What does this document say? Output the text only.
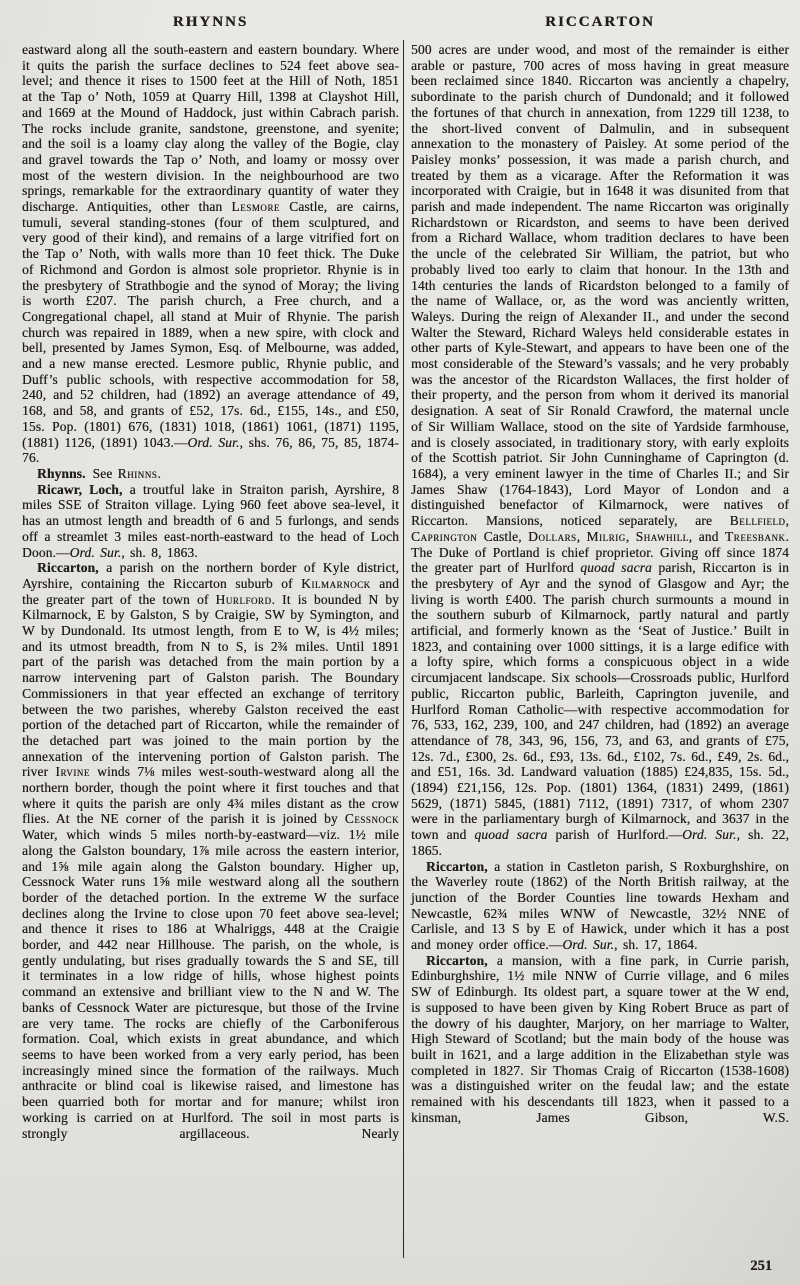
RHYNNS

eastward along all the south-eastern and eastern boundary. Where it quits the parish the surface declines to 524 feet above sea-level; and thence it rises to 1500 feet at the Hill of Noth, 1851 at the Tap o’ Noth, 1059 at Quarry Hill, 1398 at Clayshot Hill, and 1669 at the Mound of Haddock, just within Cabrach parish. The rocks include granite, sandstone, greenstone, and syenite; and the soil is a loamy clay along the valley of the Bogie, clay and gravel towards the Tap o’ Noth, and loamy or mossy over most of the western division. In the neighbourhood are two springs, remarkable for the extraordinary quantity of water they discharge. Antiquities, other than Lesmore Castle, are cairns, tumuli, several standing-stones (four of them sculptured, and very good of their kind), and remains of a large vitrified fort on the Tap o’ Noth, with walls more than 10 feet thick. The Duke of Richmond and Gordon is almost sole proprietor. Rhynie is in the presbytery of Strathbogie and the synod of Moray; the living is worth £207. The parish church, a Free church, and a Congregational chapel, all stand at Muir of Rhynie. The parish church was repaired in 1889, when a new spire, with clock and bell, presented by James Symon, Esq. of Melbourne, was added, and a new manse erected. Lesmore public, Rhynie public, and Duff’s public schools, with respective accommodation for 58, 240, and 52 children, had (1892) an average attendance of 49, 168, and 58, and grants of £52, 17s. 6d., £155, 14s., and £50, 15s. Pop. (1801) 676, (1831) 1018, (1861) 1061, (1871) 1195, (1881) 1126, (1891) 1043.—Ord. Sur., shs. 76, 86, 75, 85, 1874-76.

Rhynns. See Rhinns.

Ricawr, Loch, a troutful lake in Straiton parish, Ayrshire, 8 miles SSE of Straiton village. Lying 960 feet above sea-level, it has an utmost length and breadth of 6 and 5 furlongs, and sends off a streamlet 3 miles east-north-eastward to the head of Loch Doon.—Ord. Sur., sh. 8, 1863.

Riccarton, a parish on the northern border of Kyle district, Ayrshire, containing the Riccarton suburb of Kilmarnock and the greater part of the town of Hurlford. It is bounded N by Kilmarnock, E by Galston, S by Craigie, SW by Symington, and W by Dundonald. Its utmost length, from E to W, is 4½ miles; and its utmost breadth, from N to S, is 2¾ miles. Until 1891 part of the parish was detached from the main portion by a narrow intervening part of Galston parish. The Boundary Commissioners in that year effected an exchange of territory between the two parishes, whereby Galston received the east portion of the detached part of Riccarton, while the remainder of the detached part was joined to the main portion by the annexation of the intervening portion of Galston parish. The river Irvine winds 7⅛ miles west-south-westward along all the northern border, though the point where it first touches and that where it quits the parish are only 4¾ miles distant as the crow flies. At the NE corner of the parish it is joined by Cessnock Water, which winds 5 miles north-by-eastward—viz. 1½ mile along the Galston boundary, 1⅞ mile across the eastern interior, and 1⅝ mile again along the Galston boundary. Higher up, Cessnock Water runs 1⅝ mile westward along all the southern border of the detached portion. In the extreme W the surface declines along the Irvine to close upon 70 feet above sea-level; and thence it rises to 186 at Whalriggs, 448 at the Craigie border, and 442 near Hillhouse. The parish, on the whole, is gently undulating, but rises gradually towards the S and SE, till it terminates in a low ridge of hills, whose highest points command an extensive and brilliant view to the N and W. The banks of Cessnock Water are picturesque, but those of the Irvine are very tame. The rocks are chiefly of the Carboniferous formation. Coal, which exists in great abundance, and which seems to have been worked from a very early period, has been increasingly mined since the formation of the railways. Much anthracite or blind coal is likewise raised, and limestone has been quarried both for mortar and for manure; whilst iron working is carried on at Hurlford. The soil in most parts is strongly argillaceous. Nearly

RICCARTON

500 acres are under wood, and most of the remainder is either arable or pasture, 700 acres of moss having in great measure been reclaimed since 1840. Riccarton was anciently a chapelry, subordinate to the parish church of Dundonald; and it followed the fortunes of that church in annexation, from 1229 till 1238, to the short-lived convent of Dalmulin, and in subsequent annexation to the monastery of Paisley. At some period of the Paisley monks’ possession, it was made a parish church, and treated by them as a vicarage. After the Reformation it was incorporated with Craigie, but in 1648 it was disunited from that parish and made independent. The name Riccarton was originally Richardstown or Ricardston, and seems to have been derived from a Richard Wallace, whom tradition declares to have been the uncle of the celebrated Sir William, the patriot, but who probably lived too early to claim that honour. In the 13th and 14th centuries the lands of Ricardston belonged to a family of the name of Wallace, or, as the word was anciently written, Waleys. During the reign of Alexander II., and under the second Walter the Steward, Richard Waleys held considerable estates in other parts of Kyle-Stewart, and appears to have been one of the most considerable of the Steward’s vassals; and he very probably was the ancestor of the Ricardston Wallaces, the first holder of their property, and the person from whom it derived its manorial designation. A seat of Sir Ronald Crawford, the maternal uncle of Sir William Wallace, stood on the site of Yardside farmhouse, and is closely associated, in traditionary story, with early exploits of the Scottish patriot. Sir John Cunninghame of Caprington (d. 1684), a very eminent lawyer in the time of Charles II.; and Sir James Shaw (1764-1843), Lord Mayor of London and a distinguished benefactor of Kilmarnock, were natives of Riccarton. Mansions, noticed separately, are Bellfield, Caprington Castle, Dollars, Milrig, Shawhill, and Treesbank. The Duke of Portland is chief proprietor. Giving off since 1874 the greater part of Hurlford quoad sacra parish, Riccarton is in the presbytery of Ayr and the synod of Glasgow and Ayr; the living is worth £400. The parish church surmounts a mound in the southern suburb of Kilmarnock, partly natural and partly artificial, and formerly known as the ‘Seat of Justice.’ Built in 1823, and containing over 1000 sittings, it is a large edifice with a lofty spire, which forms a conspicuous object in a wide circumjacent landscape. Six schools—Crossroads public, Hurlford public, Riccarton public, Barleith, Caprington juvenile, and Hurlford Roman Catholic—with respective accommodation for 76, 533, 162, 239, 100, and 247 children, had (1892) an average attendance of 78, 343, 96, 156, 73, and 63, and grants of £75, 12s. 7d., £300, 2s. 6d., £93, 13s. 6d., £102, 7s. 6d., £49, 2s. 6d., and £51, 16s. 3d. Landward valuation (1885) £24,835, 15s. 5d., (1894) £21,156, 12s. Pop. (1801) 1364, (1831) 2499, (1861) 5629, (1871) 5845, (1881) 7112, (1891) 7317, of whom 2307 were in the parliamentary burgh of Kilmarnock, and 3637 in the town and quoad sacra parish of Hurlford.—Ord. Sur., sh. 22, 1865.

Riccarton, a station in Castleton parish, S Roxburghshire, on the Waverley route (1862) of the North British railway, at the junction of the Border Counties line towards Hexham and Newcastle, 62¾ miles WNW of Newcastle, 32½ NNE of Carlisle, and 13 S by E of Hawick, under which it has a post and money order office.—Ord. Sur., sh. 17, 1864.

Riccarton, a mansion, with a fine park, in Currie parish, Edinburghshire, 1½ mile NNW of Currie village, and 6 miles SW of Edinburgh. Its oldest part, a square tower at the W end, is supposed to have been given by King Robert Bruce as part of the dowry of his daughter, Marjory, on her marriage to Walter, High Steward of Scotland; but the main body of the house was built in 1621, and a large addition in the Elizabethan style was completed in 1827. Sir Thomas Craig of Riccarton (1538-1608) was a distinguished writer on the feudal law; and the estate remained with his descendants till 1823, when it passed to a kinsman, James Gibson, W.S.

251
